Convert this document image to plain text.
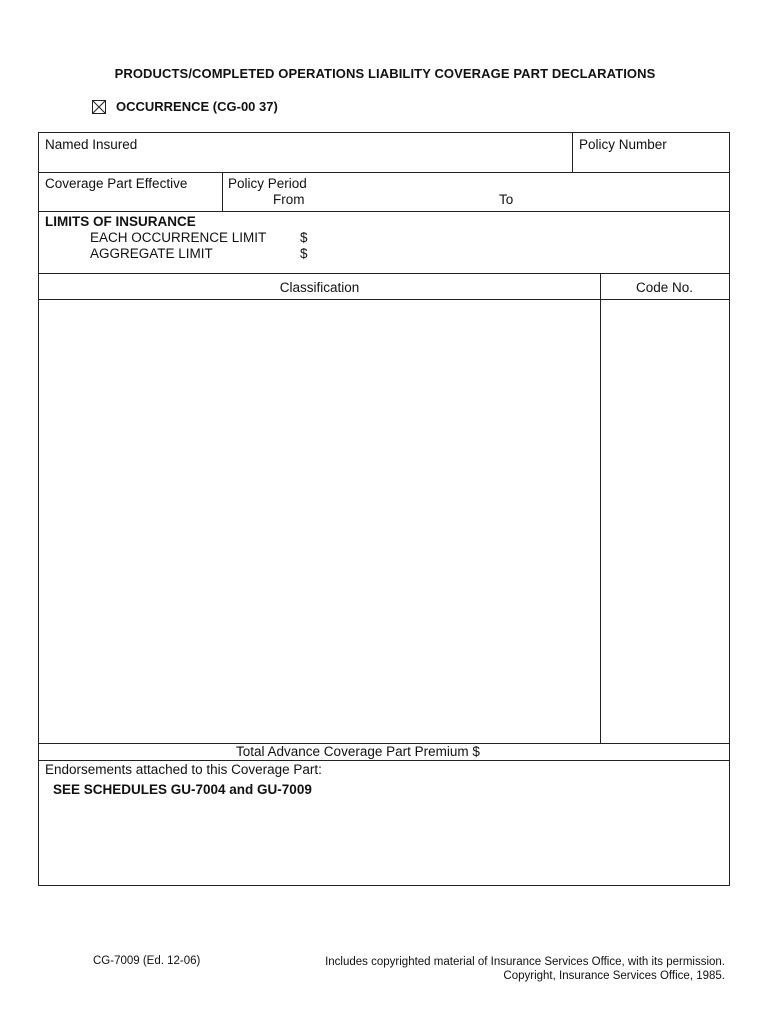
PRODUCTS/COMPLETED OPERATIONS LIABILITY COVERAGE PART DECLARATIONS
OCCURRENCE (CG-00 37)
Named Insured	Policy Number
Coverage Part Effective	Policy Period
From	To
LIMITS OF INSURANCE
EACH OCCURRENCE LIMIT $
AGGREGATE LIMIT	$
Classification	Code No.
Total Advance Coverage Part Premium $
Endorsements attached to this Coverage Part:
SEE SCHEDULES GU-7004 and GU-7009
CG-7009 (Ed. 12-06)	Includes copyrighted material of Insurance Services Office, with its permission.
Copyright, Insurance Services Office, 1985.
